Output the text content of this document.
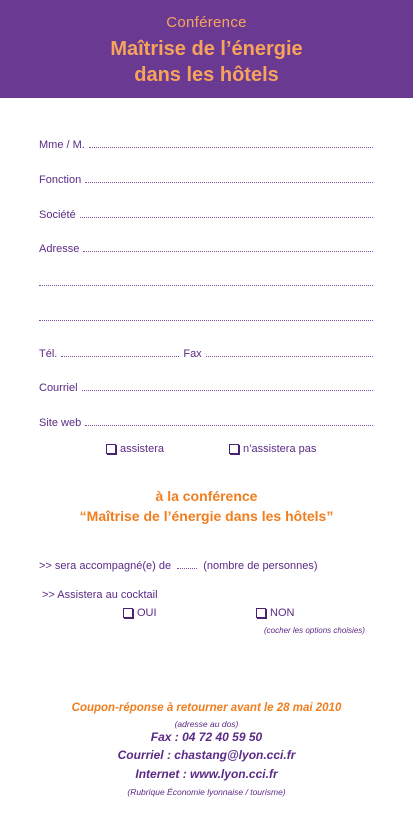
Conférence
Maîtrise de l’énergie
dans les hôtels
Mme / M.
Fonction
Société
Adresse
Tél.	Fax
Courriel
Site web
assistera	n’assistera pas
à la conférence
“Maîtrise de l’énergie dans les hôtels”
>> sera accompagné(e) de	(nombre de personnes)
>> Assistera au cocktail
OUI	NON
(cocher les options choisies)
Coupon-réponse à retourner avant le 28 mai 2010
(adresse au dos)
Fax : 04 72 40 59 50
Courriel : chastang@lyon.cci.fr
Internet : www.lyon.cci.fr
(Rubrique Économie lyonnaise / tourisme)
